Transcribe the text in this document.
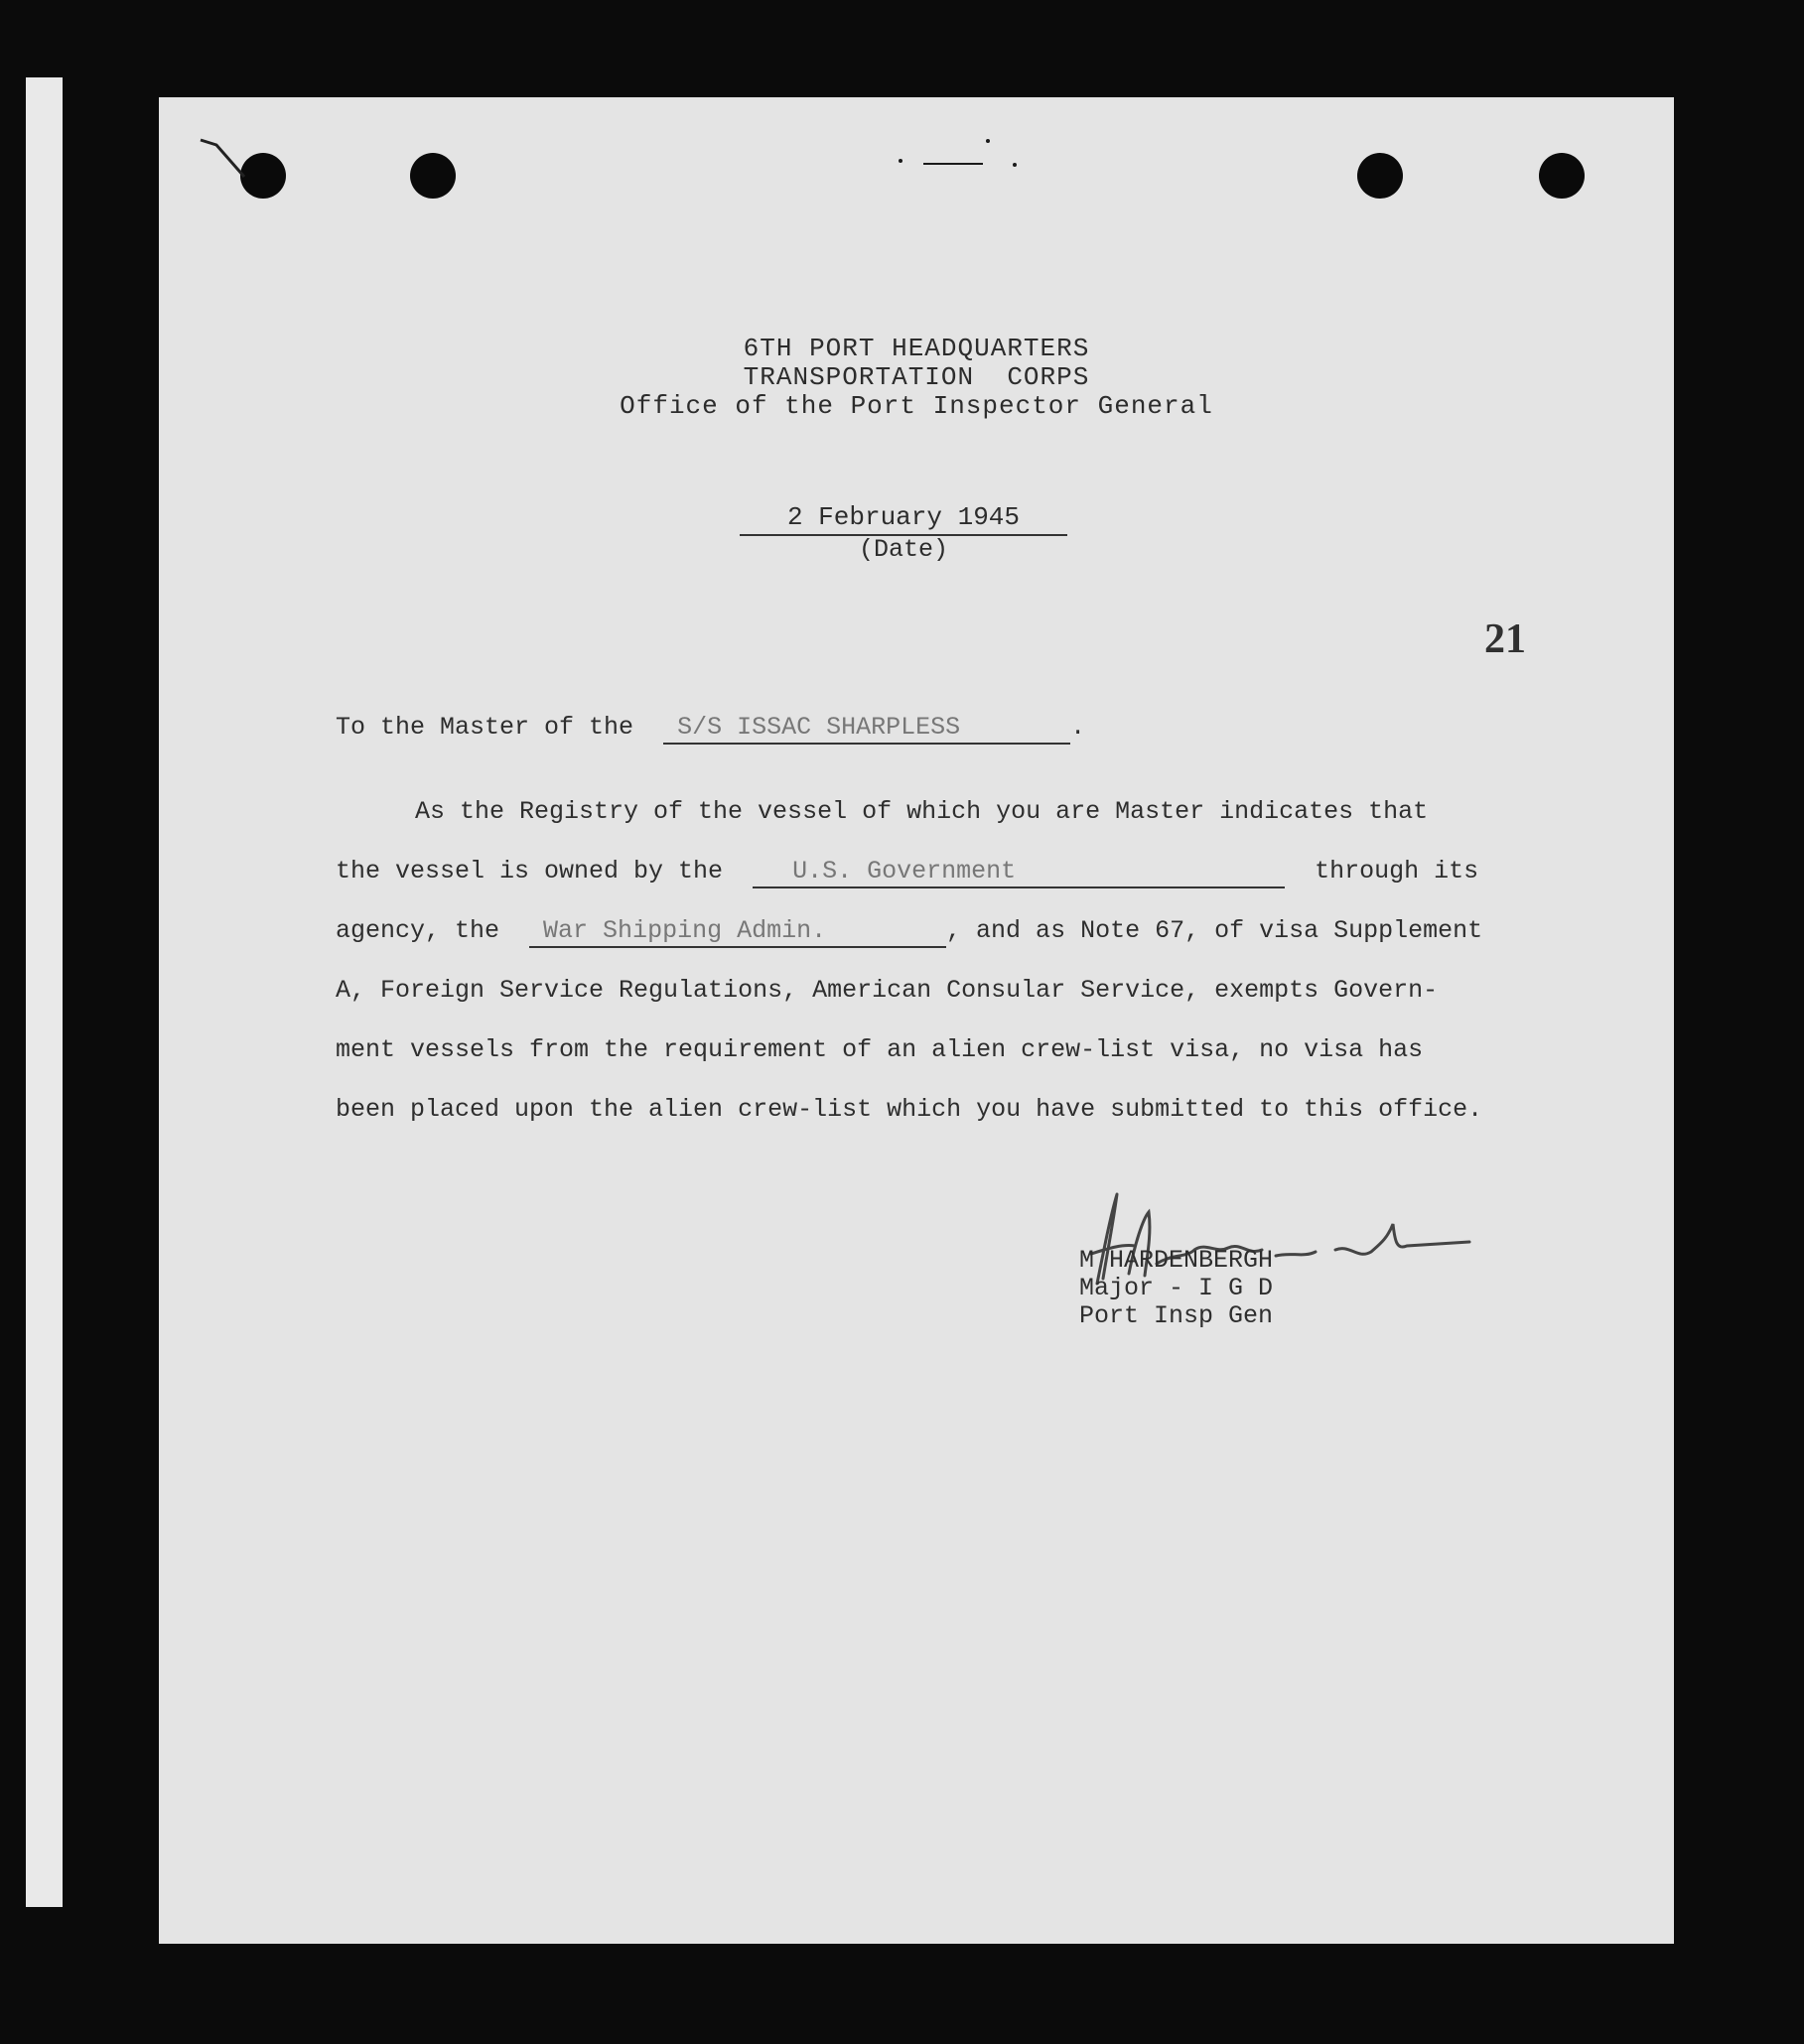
6TH PORT HEADQUARTERS
TRANSPORTATION  CORPS
Office of the Port Inspector General
2 February 1945
(Date)
21
To the Master of the S/S ISSAC SHARPLESS	.
As the Registry of the vessel of which you are Master indicates that
the vessel is owned by the	U.S. Government	through its
agency, the War Shipping Admin.	, and as Note 67, of visa Supplement
A, Foreign Service Regulations, American Consular Service, exempts Govern-
ment vessels from the requirement of an alien crew-list visa, no visa has
been placed upon the alien crew-list which you have submitted to this office.
M HARDENBERGH
Major - I G D
Port Insp Gen
